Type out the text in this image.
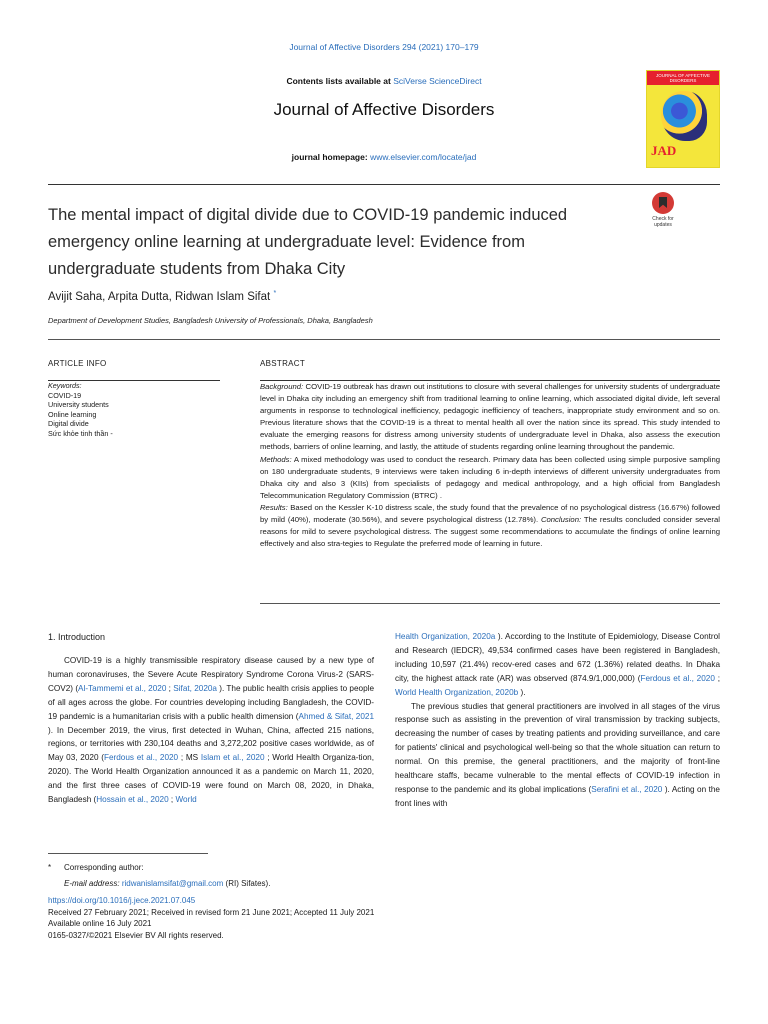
Journal of Affective Disorders 294 (2021) 170–179
Contents lists available at SciVerse ScienceDirect
Journal of Affective Disorders
journal homepage: www.elsevier.com/locate/jad
JOURNAL OF AFFECTIVE DISORDERS
JAD
The mental impact of digital divide due to COVID-19 pandemic induced emergency online learning at undergraduate level: Evidence from undergraduate students from Dhaka City
Check for updates
Avijit Saha, Arpita Dutta, Ridwan Islam Sifat *
Department of Development Studies, Bangladesh University of Professionals, Dhaka, Bangladesh
ARTICLE INFO	ABSTRACT
Keywords:
COVID-19
University students
Online learning
Digital divide
Sức khỏe tinh thần -
Background: COVID-19 outbreak has drawn out institutions to closure with several challenges for university students of undergraduate level in Dhaka city including an emergency shift from traditional learning to online learning, which associated digital divide, left several arguments in response to technological inefficiency, pedagogic inefficiency of teachers, inappropriate study environment and so on. Previous literature shows that the COVID-19 is a threat to mental health all over the nation since its spread. This study intended to evaluate the emerging reasons for distress among university students of undergraduate level in Dhaka, also assess the execution methods, barriers of online learning, and lastly, the attitude of students regarding online learning throughout the pandemic.
Methods: A mixed methodology was used to conduct the research. Primary data has been collected using simple purposive sampling on 180 undergraduate students, 9 interviews were taken including 6 in-depth interviews of different university undergraduates from Dhaka city and also 3 (KIIs) from specialists of pedagogy and medical anthropology, and a high official from Bangladesh Telecommunication Regulatory Commission (BTRC) .
Results: Based on the Kessler K-10 distress scale, the study found that the prevalence of no psychological distress (16.67%) followed by mild (40%), moderate (30.56%), and severe psychological distress (12.78%). Conclusion: The results concluded consider several reasons for mild to severe psychological distress. The suggest some recommendations to accumulate the findings of online learning effectively and also stra-tegies to Regulate the preferred mode of learning in future.
1. Introduction

COVID-19 is a highly transmissible respiratory disease caused by a new type of human coronaviruses, the Severe Acute Respiratory Syndrome Corona Virus-2 (SARS-COV2) (Al-Tammemi et al., 2020 ; Sifat, 2020a ). The public health crisis applies to people of all ages across the globe. For countries developing including Bangladesh, the COVID-19 pandemic is a humanitarian crisis with a public health dimension (Ahmed & Sifat, 2021 ). In December 2019, the virus, first detected in Wuhan, China, affected 215 nations, regions, or territories with 230,104 deaths and 3,272,202 positive cases worldwide, as of May 03, 2020 (Ferdous et al., 2020 ; MS Islam et al., 2020 ; World Health Organiza-tion, 2020). The World Health Organization announced it as a pandemic on March 11, 2020, and the first three cases of COVID-19 were found on March 08, 2020, in Dhaka, Bangladesh (Hossain et al., 2020 ; World

Health Organization, 2020a ). According to the Institute of Epidemiology, Disease Control and Research (IEDCR), 49,534 confirmed cases have been registered in Bangladesh, including 10,597 (21.4%) recov-ered cases and 672 (1.36%) related deaths. In Dhaka city, the highest attack rate (AR) was observed (874.9/1,000,000) (Ferdous et al., 2020 ; World Health Organization, 2020b ).

The previous studies that general practitioners are involved in all stages of the virus response such as assisting in the prevention of viral transmission by tracking subjects, decreasing the number of cases by treating patients and providing surveillance, and care for patients' clinical and psychological well-being so that the whole situation can return to normal. On this premise, the general practitioners, and the majority of front-line healthcare staffs, became vulnerable to the mental effects of COVID-19 infection in response to the pandemic and its global implications (Serafini et al., 2020 ). Acting on the front lines with

* Corresponding author:
E-mail address: ridwanislamsifat@gmail.com (RI) Sifates).
https://doi.org/10.1016/j.jece.2021.07.045
Received 27 February 2021; Received in revised form 21 June 2021; Accepted 11 July 2021
Available online 16 July 2021
0165-0327/©2021 Elsevier BV All rights reserved.
